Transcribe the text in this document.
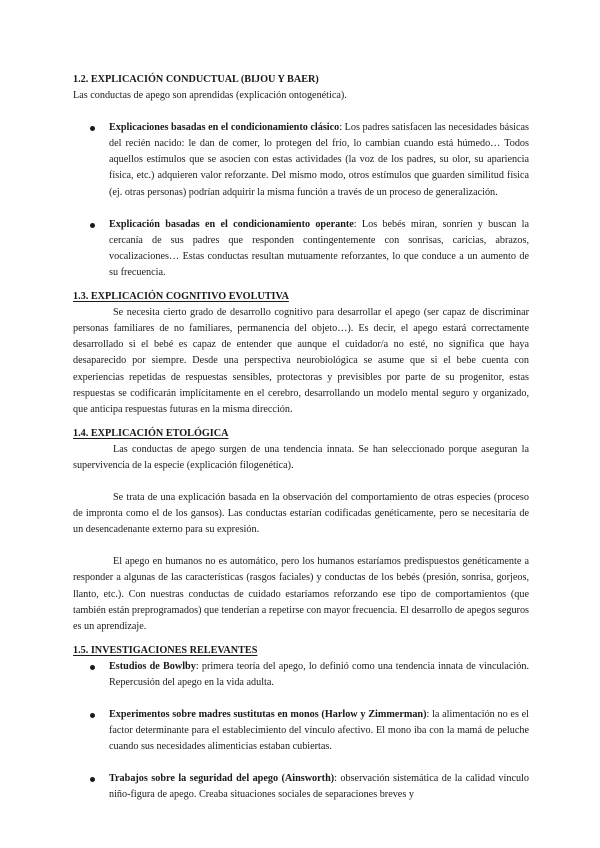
1.2. EXPLICACIÓN CONDUCTUAL (BIJOU Y BAER)

Las conductas de apego son aprendidas (explicación ontogenética).

Explicaciones basadas en el condicionamiento clásico: Los padres satisfacen las necesidades básicas del recién nacido: le dan de comer, lo protegen del frío, lo cambian cuando está húmedo… Todos aquellos estímulos que se asocien con estas actividades (la voz de los padres, su olor, su apariencia física, etc.) adquieren valor reforzante. Del mismo modo, otros estímulos que guarden similitud física (ej. otras personas) podrían adquirir la misma función a través de un proceso de generalización.
Explicación basadas en el condicionamiento operante: Los bebés miran, sonríen y buscan la cercanía de sus padres que responden contingentemente con sonrisas, caricias, abrazos, vocalizaciones… Estas conductas resultan mutuamente reforzantes, lo que conduce a un aumento de su frecuencia.
1.3. EXPLICACIÓN COGNITIVO EVOLUTIVA

Se necesita cierto grado de desarrollo cognitivo para desarrollar el apego (ser capaz de discriminar personas familiares de no familiares, permanencia del objeto…). Es decir, el apego estará correctamente desarrollado si el bebé es capaz de entender que aunque el cuidador/a no esté, no significa que haya desaparecido por siempre. Desde una perspectiva neurobiológica se asume que si el bebe cuenta con experiencias repetidas de respuestas sensibles, protectoras y previsibles por parte de su progenitor, estas respuestas se codificarán implícitamente en el cerebro, desarrollando un modelo mental seguro y organizado, que anticipa respuestas futuras en la misma dirección.

1.4. EXPLICACIÓN ETOLÓGICA

Las conductas de apego surgen de una tendencia innata. Se han seleccionado porque aseguran la supervivencia de la especie (explicación filogenética).

Se trata de una explicación basada en la observación del comportamiento de otras especies (proceso de impronta como el de los gansos). Las conductas estarían codificadas genéticamente, pero se necesitaría de un desencadenante externo para su expresión.

El apego en humanos no es automático, pero los humanos estaríamos predispuestos genéticamente a responder a algunas de las características (rasgos faciales) y conductas de los bebés (presión, sonrisa, gorjeos, llanto, etc.). Con nuestras conductas de cuidado estaríamos reforzando ese tipo de comportamientos (que también están preprogramados) que tenderían a repetirse con mayor frecuencia. El desarrollo de apegos seguros es un aprendizaje.

1.5. INVESTIGACIONES RELEVANTES
Estudios de Bowlby: primera teoría del apego, lo definió como una tendencia innata de vinculación. Repercusión del apego en la vida adulta.
Experimentos sobre madres sustitutas en monos (Harlow y Zimmerman): la alimentación no es el factor determinante para el establecimiento del vínculo afectivo. El mono iba con la mamá de peluche cuando sus necesidades alimenticias estaban cubiertas.
Trabajos sobre la seguridad del apego (Ainsworth): observación sistemática de la calidad vínculo niño-figura de apego. Creaba situaciones sociales de separaciones breves y
